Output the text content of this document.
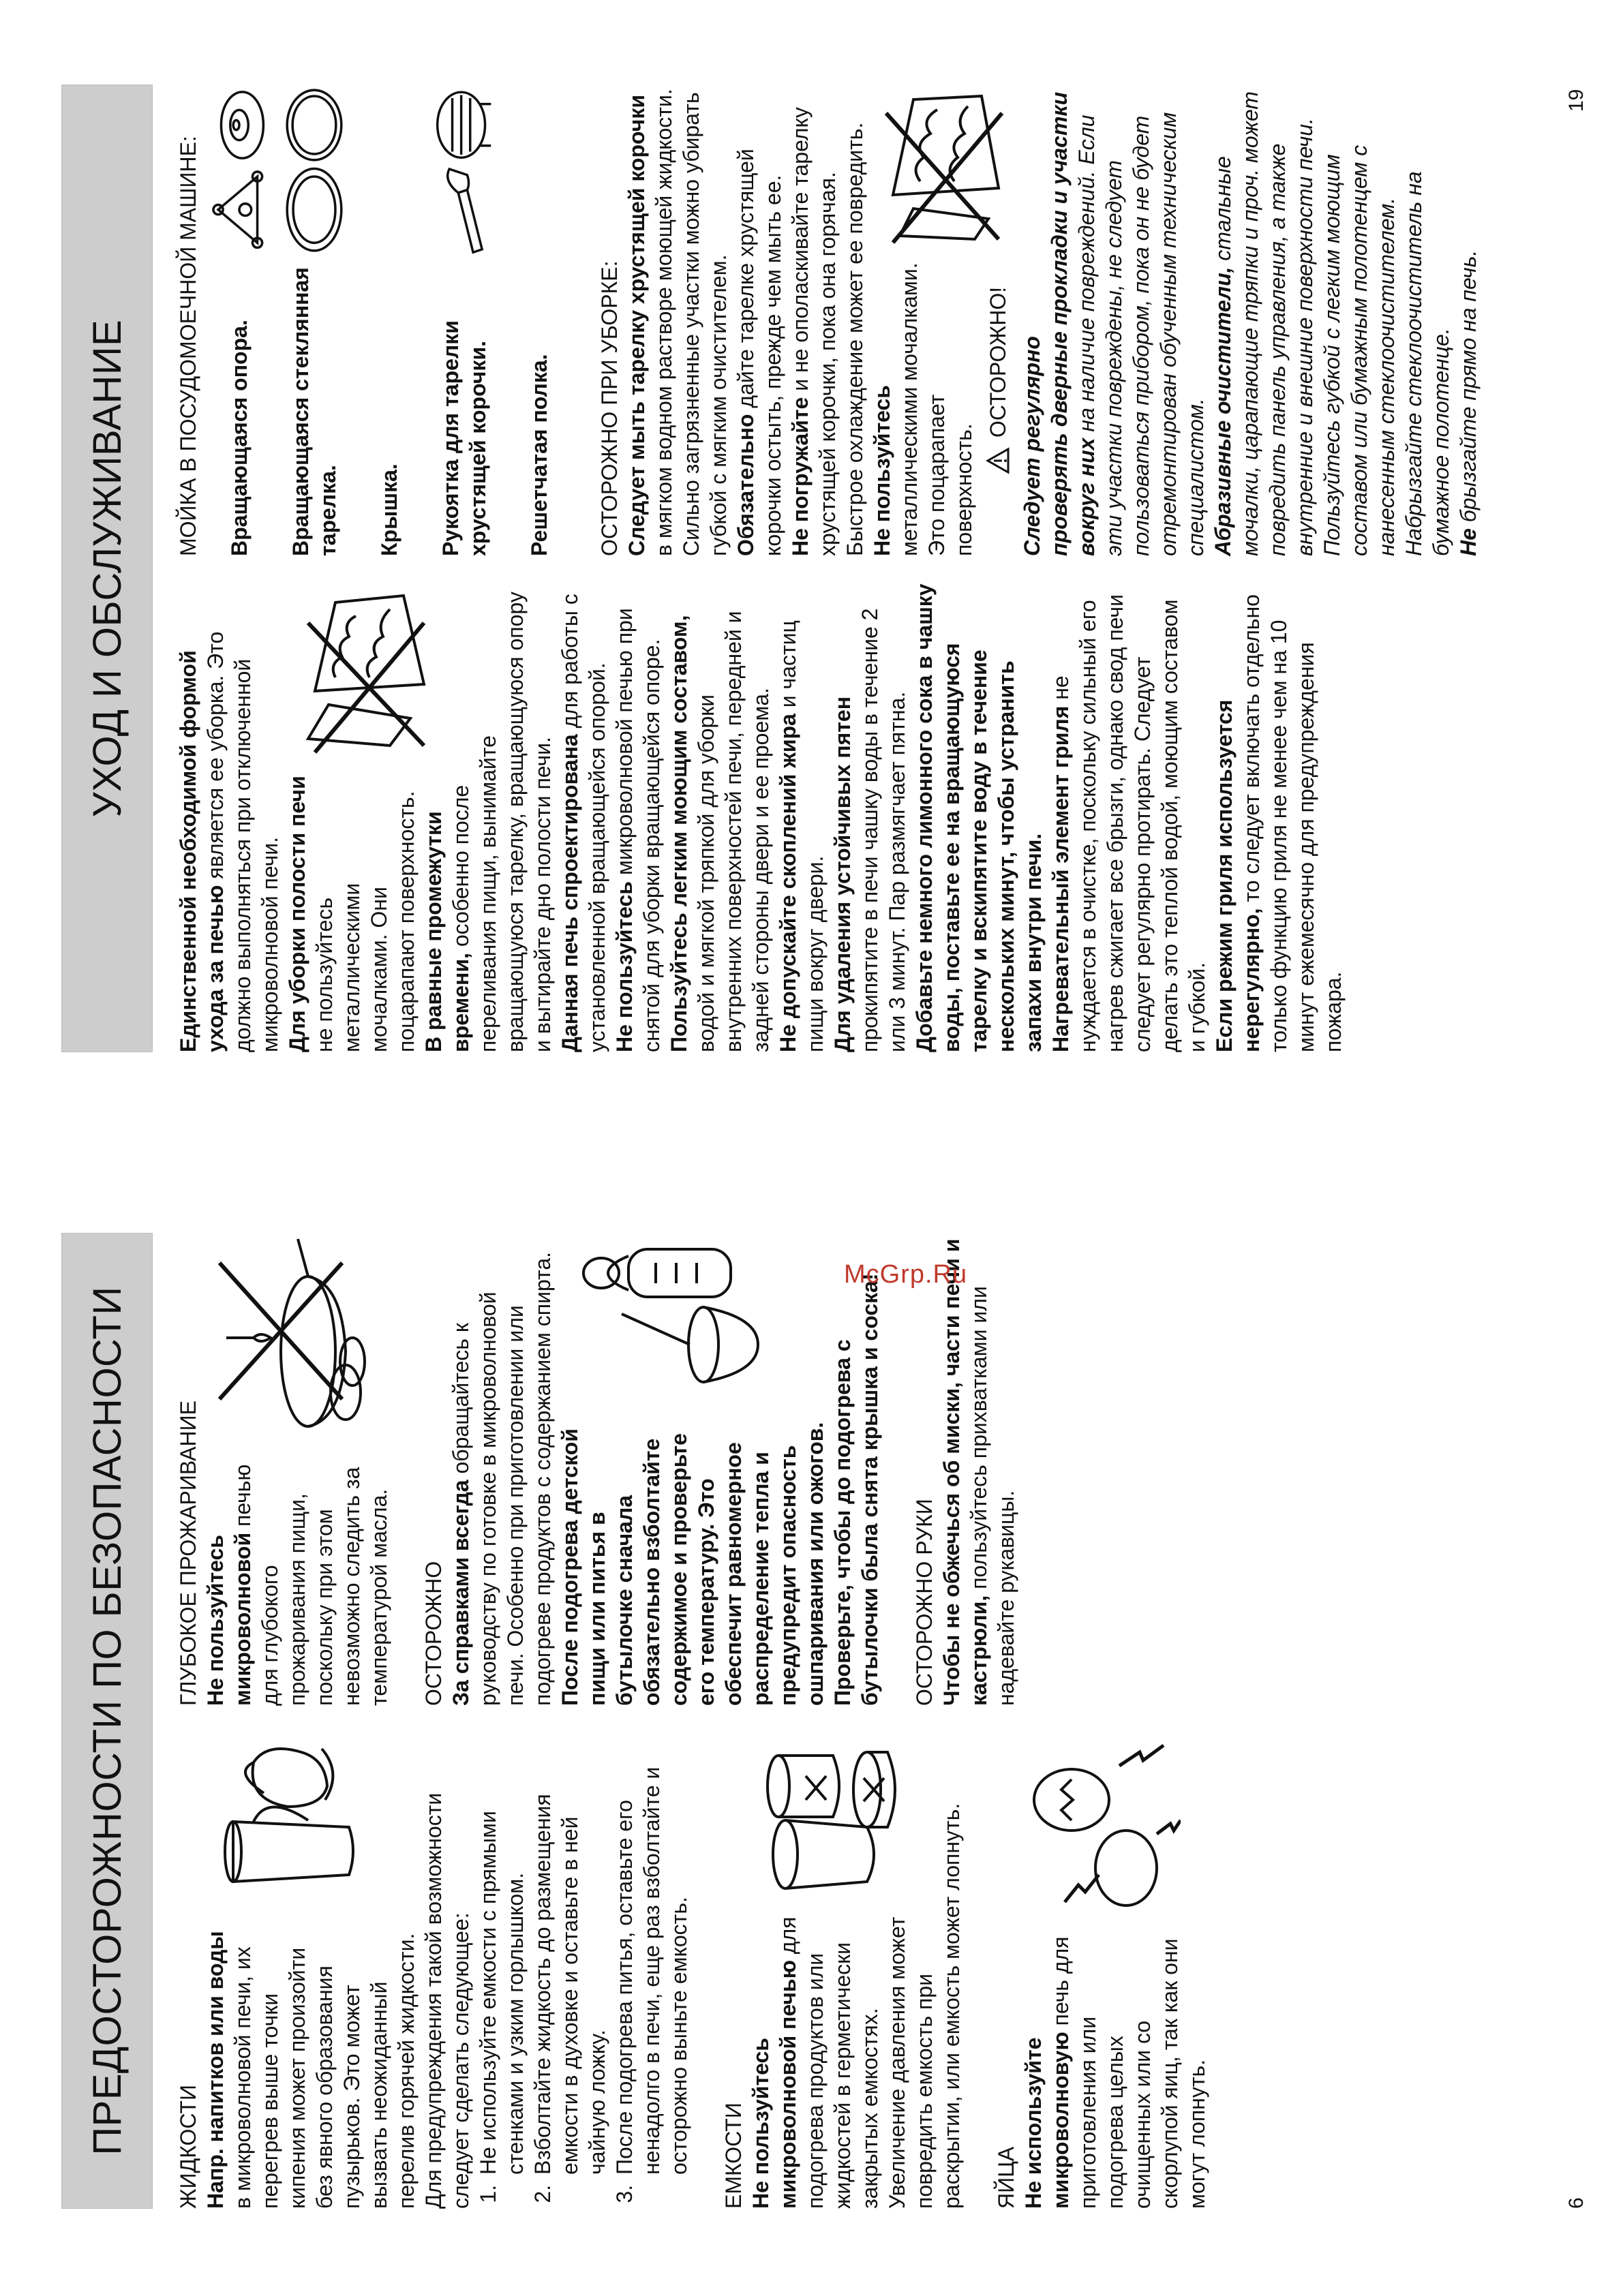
ПРЕДОСТОРОЖНОСТИ ПО БЕЗОПАСНОСТИ ЖИДКОСТИ Напр. напитков или воды в микроволновой печи, их перегрев выше точки кипения может произойти без явного образования пузырьков. Это может вызвать неожиданный перелив горячей жидкости. Для предупреждения такой возможности следует сделать следующее: 1. Не используйте емкости с прямыми стенками и узким горлышком. 2. Взболтайте жидкость до размещения емкости в духовке и оставьте в ней чайную ложку. 3. После подогрева питья, оставьте его ненадолго в печи, еще раз взболтайте и осторожно выньте емкость. ЕМКОСТИ Не пользуйтесь микроволновой печью для подогрева продуктов или жидкостей в герметически закрытых емкостях. Увеличение давления может повредить емкость при раскрытии, или емкость может лопнуть. ЯЙЦА Не используйте микроволновую печь для приготовления или подогрева целых очищенных или со скорлупой яиц, так как они могут лопнуть.

ГЛУБОКОЕ ПРОЖАРИВАНИЕ Не пользуйтесь микроволновой печью для глубокого прожаривания пищи, поскольку при этом невозможно следить за температурой масла. ОСТОРОЖНО За справками всегда обращайтесь к руководству по готовке в микроволновой печи. Особенно при приготовлении или подогреве продуктов с содержанием спирта. После подогрева детской пищи или питья в бутылочке сначала обязательно взболтайте содержимое и проверьте его температуру. Это обеспечит равномерное распределение тепла и предупредит опасность ошпаривания или ожогов. Проверьте, чтобы до подогрева с бутылочки была снята крышка и соска! ОСТОРОЖНО РУКИ Чтобы не обжечься об миски, части печи и кастрюли, пользуйтесь прихватками или надевайте рукавицы.

6
McGrp.Ru
УХОД И ОБСЛУЖИВАНИЕ

Единственной необходимой формой ухода за печью является ее уборка. Это должно выполняться при отключенной микроволновой печи. Для уборки полости печи не пользуйтесь металлическими мочалками. Они поцарапают поверхность. В равные промежутки времени, особенно после переливания пищи, вынимайте вращающуюся тарелку, вращающуюся опору и вытирайте дно полости печи. Данная печь спроектирована для работы с установленной вращающейся опорой. Не пользуйтесь микроволновой печью при снятой для уборки вращающейся опоре. Пользуйтесь легким моющим составом, водой и мягкой тряпкой для уборки внутренних поверхностей печи, передней и задней стороны двери и ее проема. Не допускайте скоплений жира и частиц пищи вокруг двери. Для удаления устойчивых пятен прокипятите в печи чашку воды в течение 2 или 3 минут. Пар размягчает пятна. Добавьте немного лимонного сока в чашку воды, поставьте ее на вращающуюся тарелку и вскипятите воду в течение нескольких минут, чтобы устранить запахи внутри печи. Нагревательный элемент гриля не нуждается в очистке, поскольку сильный его нагрев сжигает все брызги, однако свод печи следует регулярно протирать. Следует делать это теплой водой, моющим составом и губкой. Если режим гриля используется нерегулярно, то следует включать отдельно только функцию гриля не менее чем на 10 минут ежемесячно для предупреждения пожара.

МОЙКА В ПОСУДОМОЕЧНОЙ МАШИНЕ: Вращающаяся опора. Вращающаяся стеклянная тарелка. Крышка. Рукоятка для тарелки хрустящей корочки. Решетчатая полка. ОСТОРОЖНО ПРИ УБОРКЕ: Следует мыть тарелку хрустящей корочки в мягком водном растворе моющей жидкости. Сильно загрязненные участки можно убирать губкой с мягким очистителем. Обязательно дайте тарелке хрустящей корочки остыть, прежде чем мыть ее. Не погружайте и не ополаскивайте тарелку хрустящей корочки, пока она горячая. Быстрое охлаждение может ее повредить. Не пользуйтесь металлическими мочалками. Это поцарапает поверхность.

ОСТОРОЖНО! Следует регулярно проверять дверные прокладки и участки вокруг них на наличие повреждений. Если эти участки повреждены, не следует пользоваться прибором, пока он не будет отремонтирован обученным техническим специалистом. Абразивные очистители, стальные мочалки, царапающие тряпки и проч. может повредить панель управления, а также внутренние и внешние поверхности печи. Пользуйтесь губкой с легким моющим составом или бумажным полотенцем с нанесенным стеклоочистителем. Набрызгайте стеклоочиститель на бумажное полотенце. Не брызгайте прямо на печь.

19
